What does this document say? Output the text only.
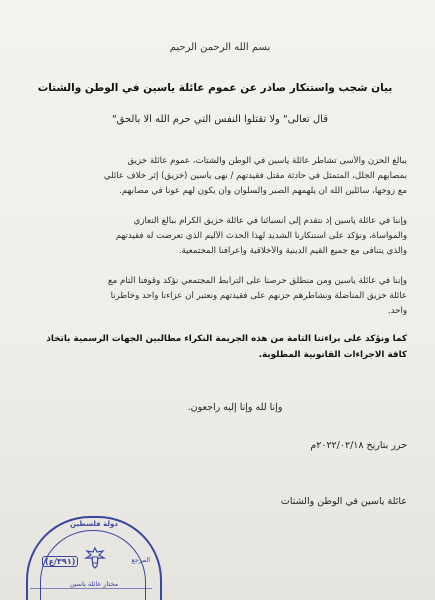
بسم الله الرحمن الرحيم
بيان شجب واستنكار صادر عن عموم عائلة ياسين في الوطن والشتات
قال تعالى" ولا تقتلوا النفس التي حرم الله الا بالحق"
ببالغ الحزن والأسى تشاطر عائلة ياسين في الوطن والشتات، عموم عائلة خزيق
بمصابهم الجلل، المتمثل في حادثة مقتل فقيدتهم / نهى ياسين (خزيق) إثر خلاف عائلي
مع زوجها، سائلين الله أن يلهمهم الصبر والسلوان وأن يكون لهم عونا في مصابهم.
وإننا في عائلة ياسين إذ نتقدم إلى أنسبائنا في عائلة خزيق الكرام ببالغ التعازي
والمواساة، ونؤكد على استنكارنا الشديد لهذا الحدث الأليم الذي تعرضت له فقيدتهم
والذي يتنافى مع جميع القيم الدينية والأخلاقية وأعرافنا المجتمعية.
وإننا في عائلة ياسين ومن منطلق حرصنا على الترابط المجتمعي نؤكد وقوفنا التام مع
عائلة خزيق المناضلة ونشاطرهم حزنهم على فقيدتهم ونعتبر أن عزاءنا واحد وخاطرنا
واحد.
كما ونؤكد على براءتنا التامة من هذه الجريمة النكراء مطالبين الجهات الرسمية باتخاذ
كافة الاجراءات القانونية المطلوبة.
وإنا لله وإنا إليه راجعون.
حرر بتاريخ ٢٠٢٢/٠٢/١٨م
عائلة ياسين في الوطن والشتات
دولة فلسطين
(٣٩١/ع)	المرجع
مختار عائلة ياسين
